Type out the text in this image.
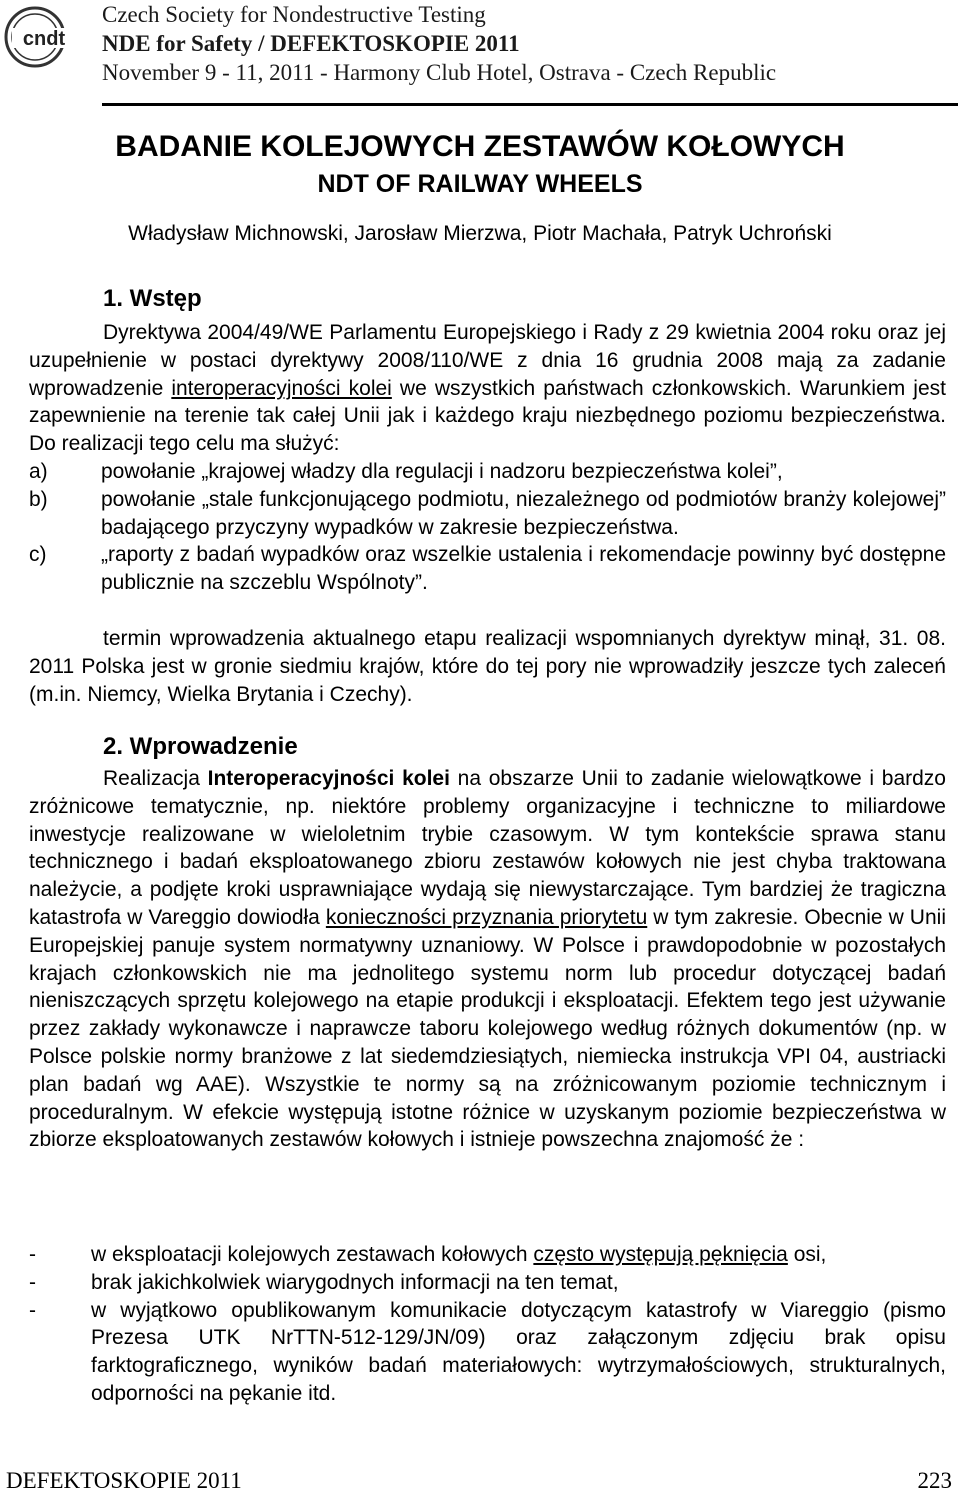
cndt
Czech Society for Nondestructive Testing
NDE for Safety / DEFEKTOSKOPIE 2011
November 9 - 11, 2011 - Harmony Club Hotel, Ostrava - Czech Republic
BADANIE KOLEJOWYCH ZESTAWÓW KOŁOWYCH
NDT OF RAILWAY WHEELS
Władysław Michnowski, Jarosław Mierzwa, Piotr Machała, Patryk Uchroński
1. Wstęp
Dyrektywa 2004/49/WE Parlamentu Europejskiego i Rady z 29 kwietnia 2004 roku oraz jej uzupełnienie w postaci dyrektywy 2008/110/WE z dnia 16 grudnia 2008 mają za zadanie wprowadzenie interoperacyjności kolei we wszystkich państwach członkowskich. Warunkiem jest zapewnienie na terenie tak całej Unii jak i każdego kraju niezbędnego poziomu bezpieczeństwa. Do realizacji tego celu ma służyć:
a)	powołanie „krajowej władzy dla regulacji i nadzoru bezpieczeństwa kolei”,
b)	powołanie „stale funkcjonującego podmiotu, niezależnego od podmiotów branży kolejowej” badającego przyczyny wypadków w zakresie bezpieczeństwa.
c)	„raporty z badań wypadków oraz wszelkie ustalenia i rekomendacje powinny być dostępne publicznie na szczeblu Wspólnoty”.
termin wprowadzenia aktualnego etapu realizacji wspomnianych dyrektyw minął, 31. 08. 2011 Polska jest w gronie siedmiu krajów, które do tej pory nie wprowadziły jeszcze tych zaleceń (m.in. Niemcy, Wielka Brytania i Czechy).
2. Wprowadzenie
Realizacja Interoperacyjności kolei na obszarze Unii to zadanie wielowątkowe i bardzo zróżnicowe tematycznie, np. niektóre problemy organizacyjne i techniczne to miliardowe inwestycje realizowane w wieloletnim trybie czasowym. W tym kontekście sprawa stanu technicznego i badań eksploatowanego zbioru zestawów kołowych nie jest chyba traktowana należycie, a podjęte kroki usprawniające wydają się niewystarczające. Tym bardziej że tragiczna katastrofa w Vareggio dowiodła konieczności przyznania priorytetu w tym zakresie. Obecnie w Unii Europejskiej panuje system normatywny uznaniowy. W Polsce i prawdopodobnie w pozostałych krajach członkowskich nie ma jednolitego systemu norm lub procedur dotyczącej badań nieniszczących sprzętu kolejowego na etapie produkcji i eksploatacji. Efektem tego jest używanie przez zakłady wykonawcze i naprawcze taboru kolejowego według różnych dokumentów (np. w Polsce polskie normy branżowe z lat siedemdziesiątych, niemiecka instrukcja VPI 04, austriacki plan badań wg AAE). Wszystkie te normy są na zróżnicowanym poziomie technicznym i proceduralnym. W efekcie występują istotne różnice w uzyskanym poziomie bezpieczeństwa w zbiorze eksploatowanych zestawów kołowych i istnieje powszechna znajomość że :
-	w eksploatacji kolejowych zestawach kołowych często występują pęknięcia osi,
-	brak jakichkolwiek wiarygodnych informacji na ten temat,
-	w wyjątkowo opublikowanym komunikacie dotyczącym katastrofy w Viareggio (pismo Prezesa UTK NrTTN-512-129/JN/09) oraz załączonym zdjęciu brak opisu farktograficznego, wyników badań materiałowych: wytrzymałościowych, strukturalnych, odporności na pękanie itd.
DEFEKTOSKOPIE 2011	223
